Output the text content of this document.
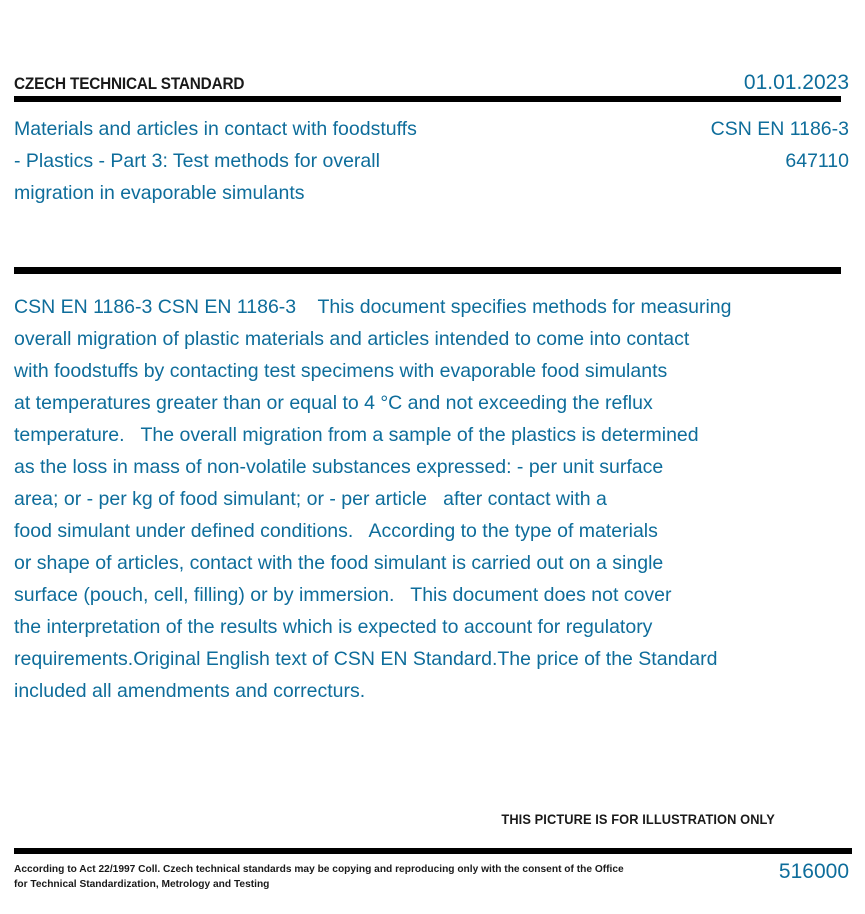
CZECH TECHNICAL STANDARD	01.01.2023
Materials and articles in contact with foodstuffs
- Plastics - Part 3: Test methods for overall
migration in evaporable simulants
CSN EN 1186-3
647110
CSN EN 1186-3 CSN EN 1186-3    This document specifies methods for measuring
overall migration of plastic materials and articles intended to come into contact
with foodstuffs by contacting test specimens with evaporable food simulants
at temperatures greater than or equal to 4 °C and not exceeding the reflux
temperature.   The overall migration from a sample of the plastics is determined
as the loss in mass of non-volatile substances expressed: - per unit surface
area; or - per kg of food simulant; or - per article   after contact with a
food simulant under defined conditions.   According to the type of materials
or shape of articles, contact with the food simulant is carried out on a single
surface (pouch, cell, filling) or by immersion.   This document does not cover
the interpretation of the results which is expected to account for regulatory
requirements.Original English text of CSN EN Standard.The price of the Standard
included all amendments and correcturs.
THIS PICTURE IS FOR ILLUSTRATION ONLY
According to Act 22/1997 Coll. Czech technical standards may be copying and reproducing only with the consent of the Office
for Technical Standardization, Metrology and Testing
516000
